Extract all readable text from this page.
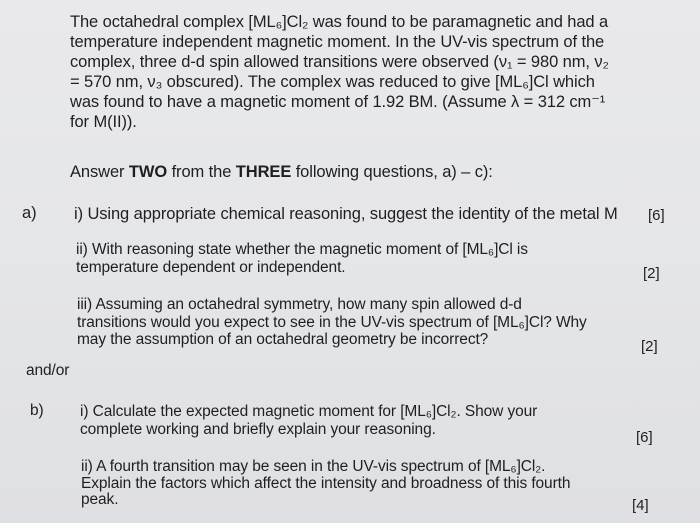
The octahedral complex [ML₆]Cl₂ was found to be paramagnetic and had a
temperature independent magnetic moment. In the UV-vis spectrum of the
complex, three d-d spin allowed transitions were observed (ν₁ = 980 nm, ν₂
= 570 nm, ν₃ obscured). The complex was reduced to give [ML₆]Cl which
was found to have a magnetic moment of 1.92 BM. (Assume λ = 312 cm⁻¹
for M(II)).
Answer TWO from the THREE following questions, a) – c):
a) i) Using appropriate chemical reasoning, suggest the identity of the metal M [6]
ii) With reasoning state whether the magnetic moment of [ML₆]Cl is
temperature dependent or independent.	[2]
iii) Assuming an octahedral symmetry, how many spin allowed d-d
transitions would you expect to see in the UV-vis spectrum of [ML₆]Cl? Why
may the assumption of an octahedral geometry be incorrect?	[2]
and/or
b) i) Calculate the expected magnetic moment for [ML₆]Cl₂. Show your
complete working and briefly explain your reasoning.	[6]
ii) A fourth transition may be seen in the UV-vis spectrum of [ML₆]Cl₂.
Explain the factors which affect the intensity and broadness of this fourth
peak.	[4]
